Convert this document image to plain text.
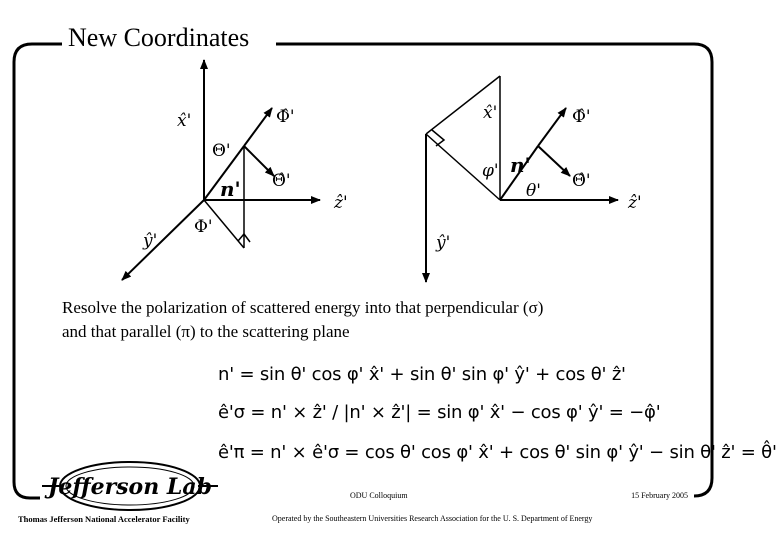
x̂'	Φ̂'
Θ'
Θ̂'
n'
ẑ'
Φ'
ŷ'
x̂'	Φ̂'
φ' n'
Θ̂'
θ'
ẑ'
ŷ'
Jefferson Lab
New Coordinates
Resolve the polarization of scattered energy into that perpendicular (σ)
and that parallel (π) to the scattering plane
n' = sin θ' cos φ' x̂' + sin θ' sin φ' ŷ' + cos θ' ẑ'
ê'σ = n' × ẑ' / |n' × ẑ'| = sin φ' x̂' − cos φ' ŷ' = −φ̂'
ê'π = n' × ê'σ = cos θ' cos φ' x̂' + cos θ' sin φ' ŷ' − sin θ' ẑ' = θ̂'
ODU Colloquium	15 February 2005
Thomas Jefferson National Accelerator Facility	Operated by the Southeastern Universities Research Association for the U. S. Department of Energy
